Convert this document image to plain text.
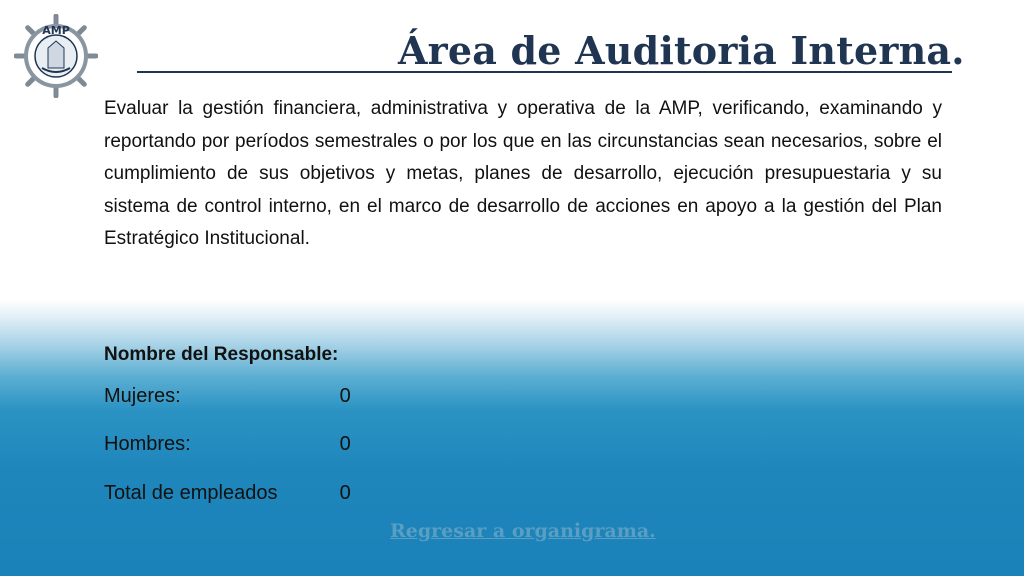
AMP	Área de Auditoria Interna.

Evaluar la gestión financiera, administrativa y operativa de la AMP, verificando, examinando y reportando por períodos semestrales o por los que en las circunstancias sean necesarios, sobre el cumplimiento de sus objetivos y metas, planes de desarrollo, ejecución presupuestaria y su sistema de control interno, en el marco de desarrollo de acciones en apoyo a la gestión del Plan Estratégico Institucional.

Nombre del Responsable:

Mujeres:	0
Hombres:	0
Total de empleados	0
Regresar a organigrama.
